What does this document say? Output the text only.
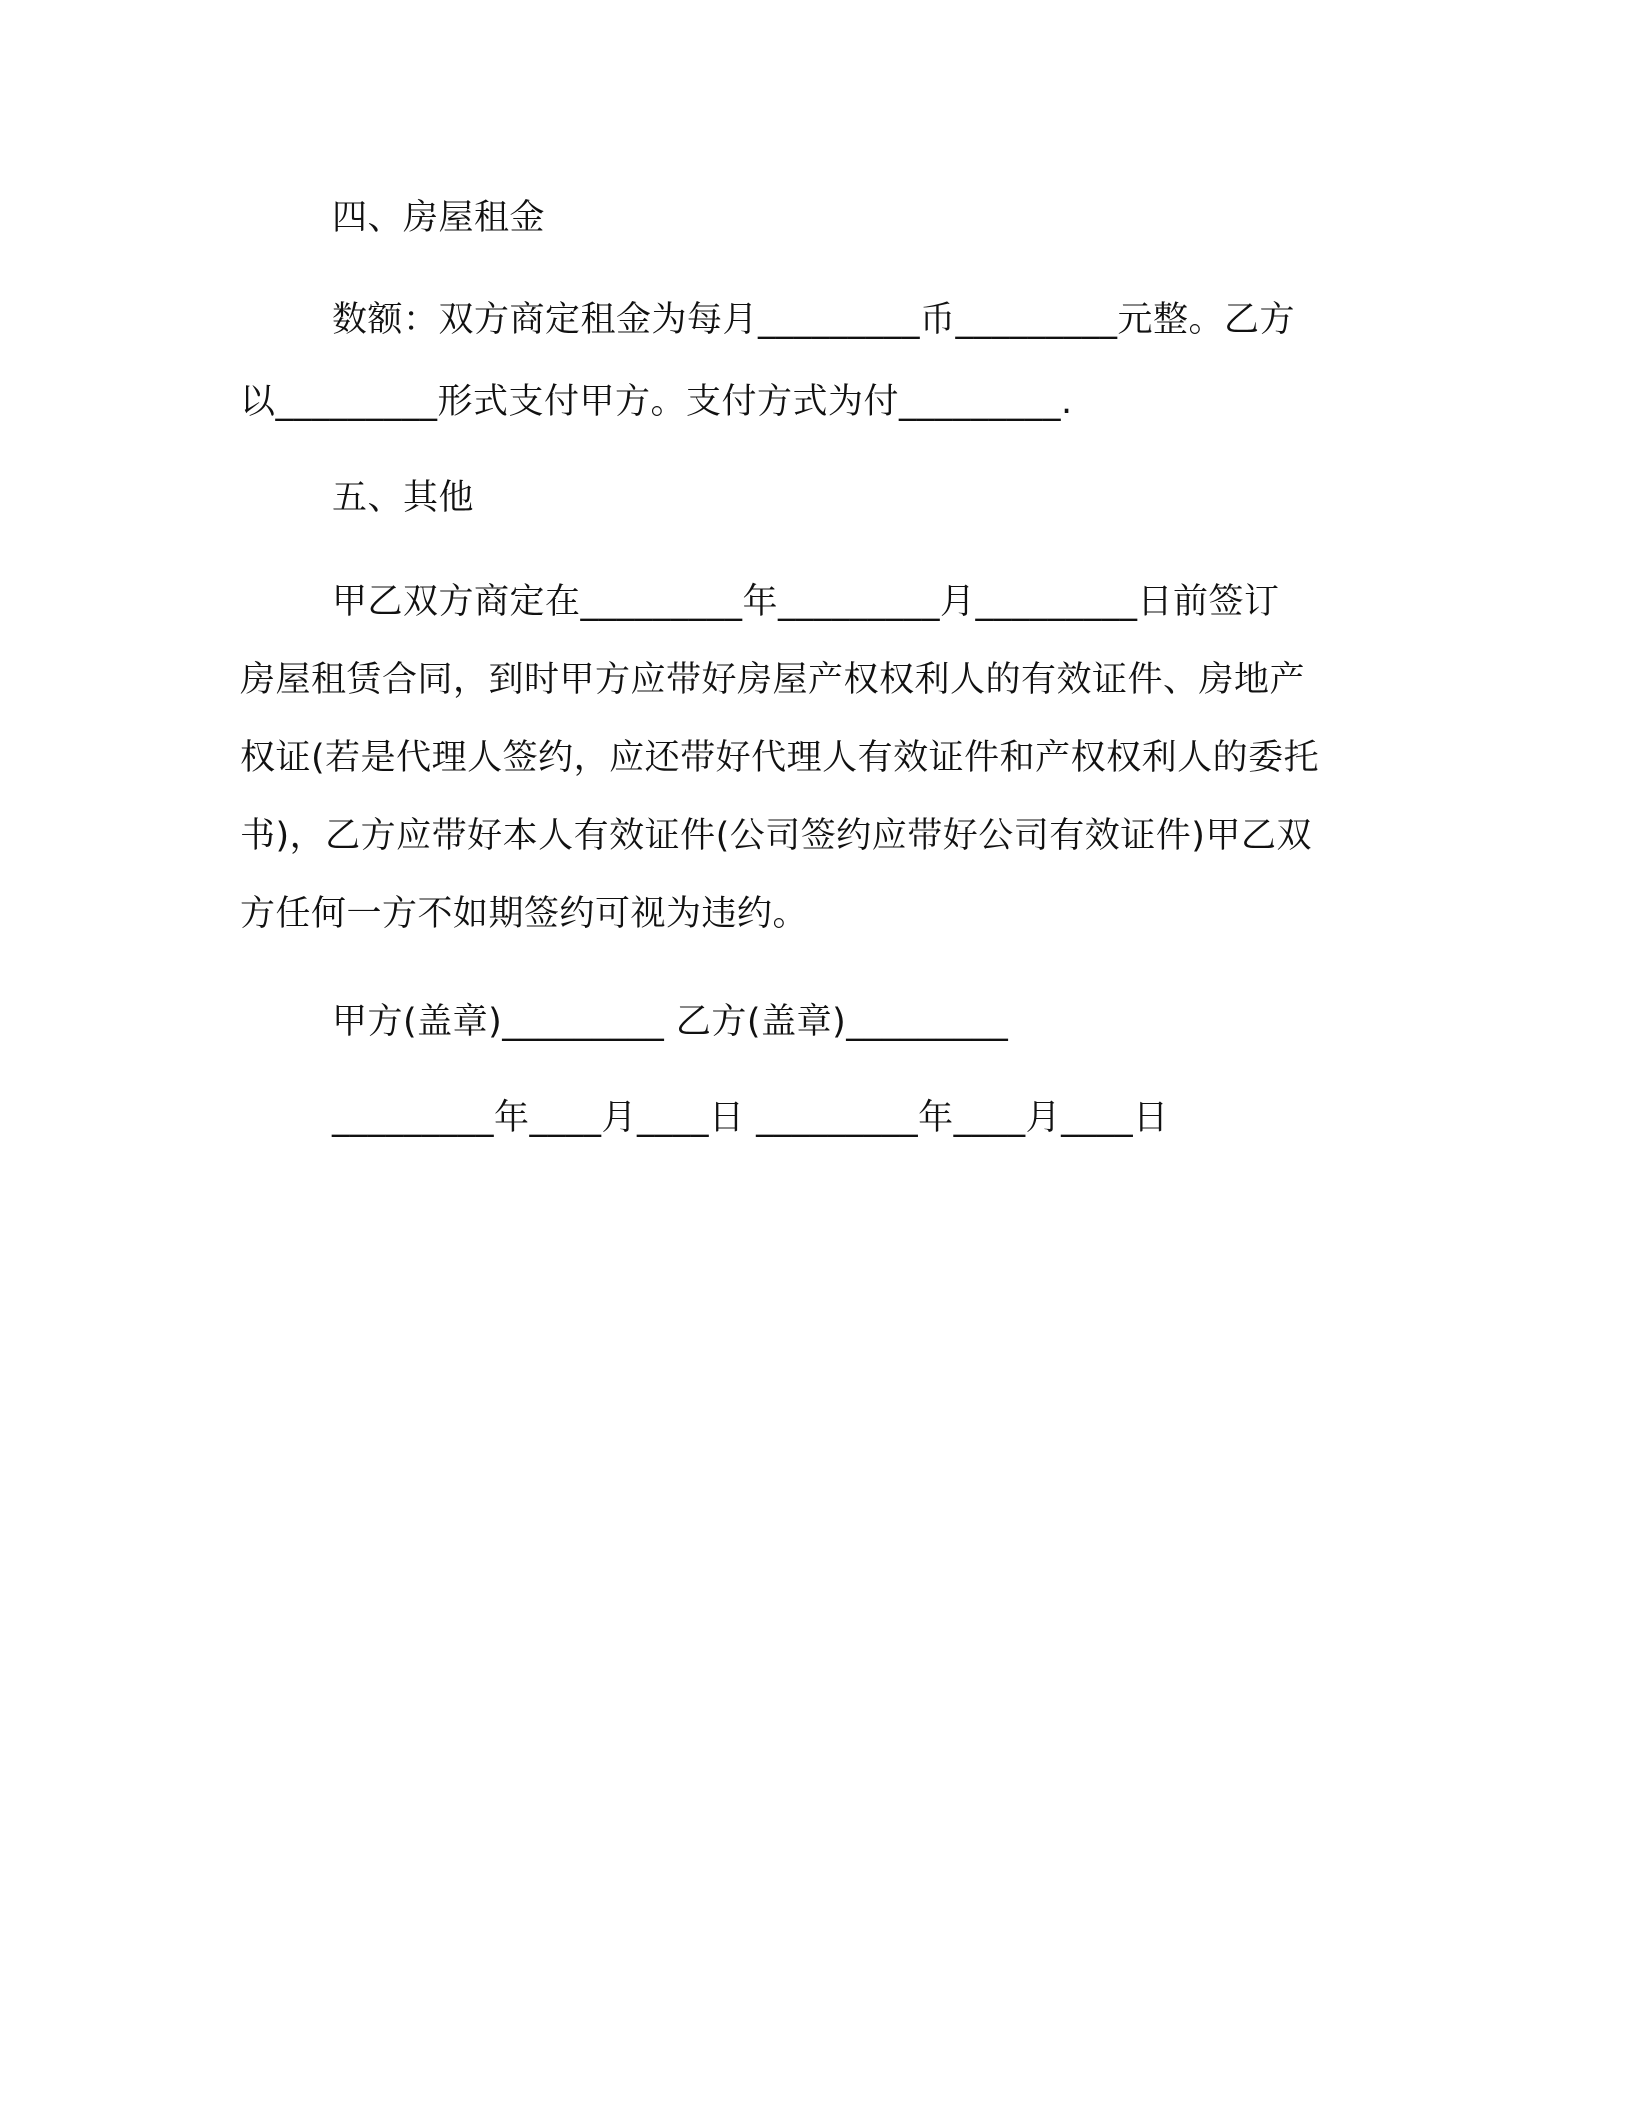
四、房屋租金
数额：双方商定租金为每月_________币_________元整。乙方
以_________形式支付甲方。支付方式为付_________.
五、其他
甲乙双方商定在_________年_________月_________日前签订
房屋租赁合同，到时甲方应带好房屋产权权利人的有效证件、房地产
权证(若是代理人签约，应还带好代理人有效证件和产权权利人的委托
书)，乙方应带好本人有效证件(公司签约应带好公司有效证件)甲乙双
方任何一方不如期签约可视为违约。
甲方(盖章)_________ 乙方(盖章)_________
_________年____月____日 _________年____月____日
